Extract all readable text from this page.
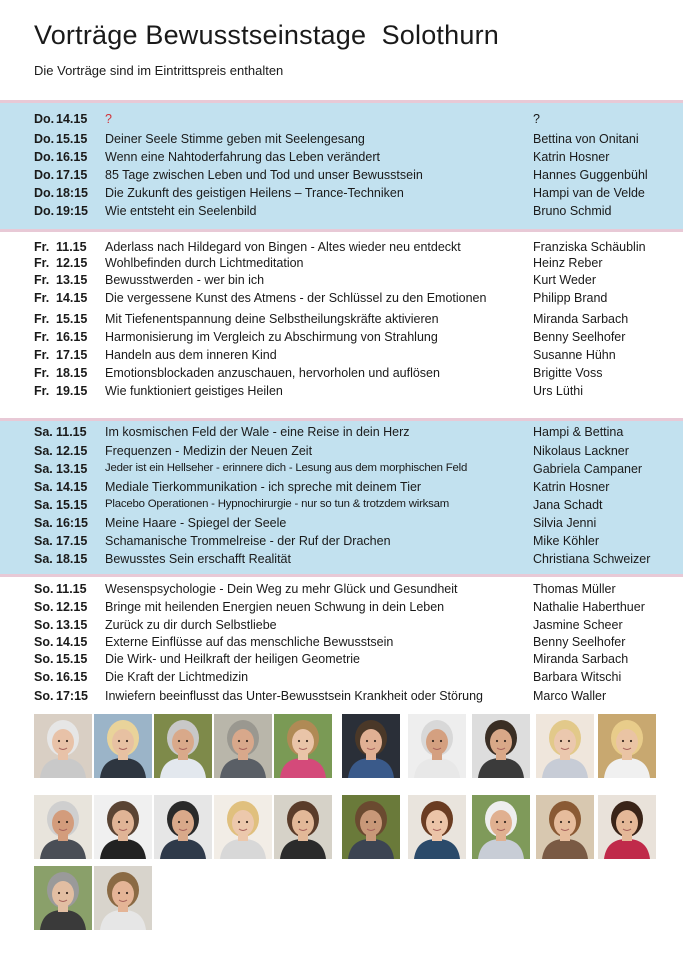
Vorträge Bewusstseinstage  Solothurn
Die Vorträge sind im Eintrittspreis enthalten
Do. 14.15 ?	?
Do. 15.15 Deiner Seele Stimme geben mit Seelengesang	Bettina von Onitani
Do. 16.15 Wenn eine Nahtoderfahrung das Leben verändert	Katrin Hosner
Do. 17.15 85 Tage zwischen Leben und Tod und unser Bewusstsein	Hannes Guggenbühl
Do. 18:15 Die Zukunft des geistigen Heilens – Trance-Techniken	Hampi van de Velde
Do. 19:15 Wie entsteht ein Seelenbild	Bruno Schmid
Fr. 11.15 Aderlass nach Hildegard von Bingen - Altes wieder neu entdeckt	Franziska Schäublin
Fr. 12.15 Wohlbefinden durch Lichtmeditation	Heinz Reber
Fr. 13.15 Bewusstwerden - wer bin ich	Kurt Weder
Fr. 14.15 Die vergessene Kunst des Atmens - der Schlüssel zu den Emotionen	Philipp Brand
Fr. 15.15 Mit Tiefenentspannung deine Selbstheilungskräfte aktivieren	Miranda Sarbach
Fr. 16.15 Harmonisierung im Vergleich zu Abschirmung von Strahlung	Benny Seelhofer
Fr. 17.15 Handeln aus dem inneren Kind	Susanne Hühn
Fr. 18.15 Emotionsblockaden anzuschauen, hervorholen und auflösen	Brigitte Voss
Fr. 19.15 Wie funktioniert geistiges Heilen	Urs Lüthi
Sa. 11.15 Im kosmischen Feld der Wale - eine Reise in dein Herz	Hampi & Bettina
Sa. 12.15 Frequenzen - Medizin der Neuen Zeit	Nikolaus Lackner
Sa. 13.15 Jeder ist ein Hellseher - erinnere dich - Lesung aus dem morphischen Feld	Gabriela Campaner
Sa. 14.15 Mediale Tierkommunikation - ich spreche mit deinem Tier	Katrin Hosner
Sa. 15.15 Placebo Operationen - Hypnochirurgie - nur so tun & trotzdem wirksam	Jana Schadt
Sa. 16:15 Meine Haare - Spiegel der Seele	Silvia Jenni
Sa. 17.15 Schamanische Trommelreise - der Ruf der Drachen	Mike Köhler
Sa. 18.15 Bewusstes Sein erschafft Realität	Christiana Schweizer
So. 11.15 Wesenspsychologie - Dein Weg zu mehr Glück und Gesundheit	Thomas Müller
So. 12.15 Bringe mit heilenden Energien neuen Schwung in dein Leben	Nathalie Haberthuer
So. 13.15 Zurück zu dir durch Selbstliebe	Jasmine Scheer
So. 14.15 Externe Einflüsse auf das menschliche Bewusstsein	Benny Seelhofer
So. 15.15 Die Wirk- und Heilkraft der heiligen Geometrie	Miranda Sarbach
So. 16.15 Die Kraft der Lichtmedizin	Barbara Witschi
So. 17:15 Inwiefern beeinflusst das Unter-Bewusstsein Krankheit oder Störung	Marco Waller
